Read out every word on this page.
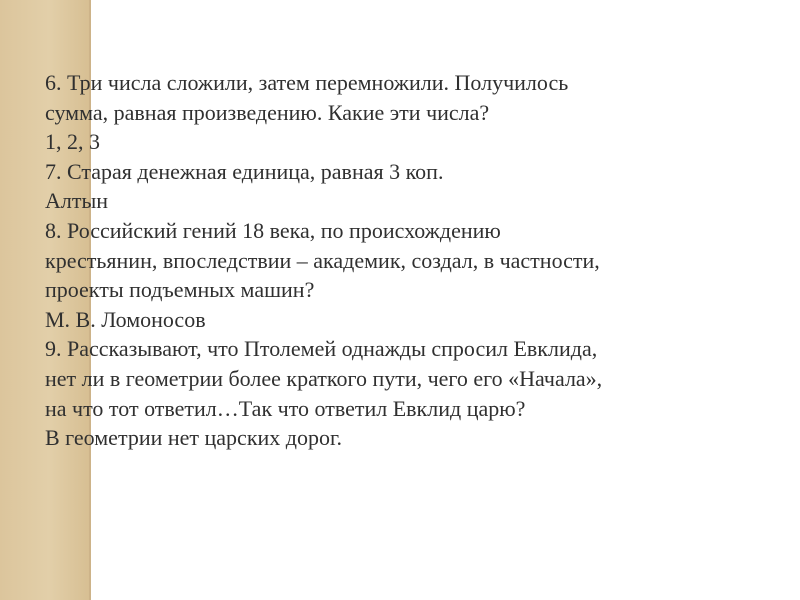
6. Три числа сложили, затем перемножили. Получилось
сумма, равная произведению. Какие эти числа?
1, 2, 3
7. Старая денежная единица, равная 3 коп.
Алтын
8. Российский гений 18 века, по происхождению
крестьянин, впоследствии – академик, создал, в частности,
проекты подъемных машин?
М. В. Ломоносов
9. Рассказывают, что Птолемей однажды спросил Евклида,
нет ли в геометрии более краткого пути, чего его «Начала»,
на что тот ответил…Так что ответил Евклид царю?
В геометрии нет царских дорог.
